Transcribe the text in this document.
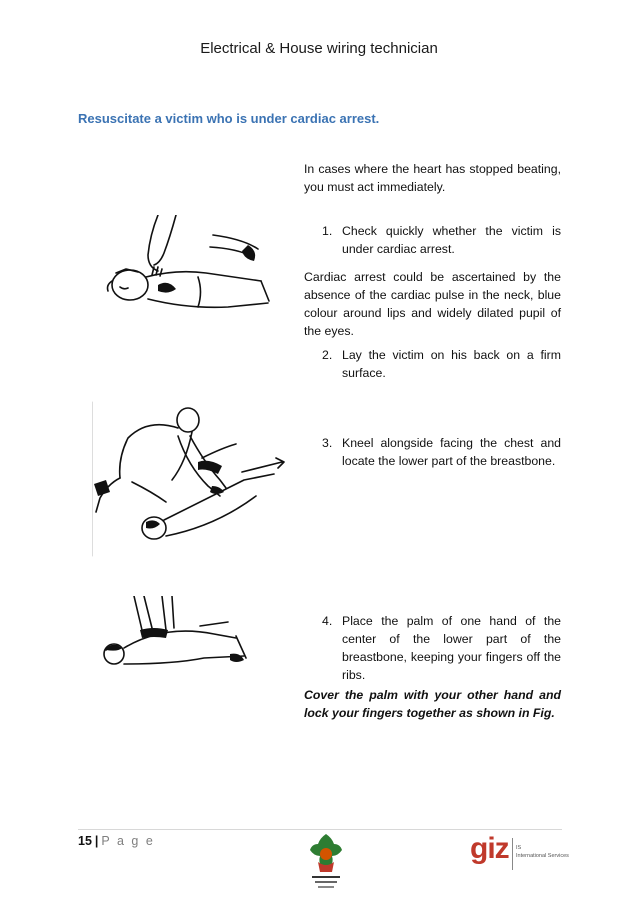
Electrical & House wiring technician
Resuscitate a victim who is under cardiac arrest.
In cases where the heart has stopped beating, you must act immediately.
1. Check quickly whether the victim is under cardiac arrest.
Cardiac arrest could be ascertained by the absence of the cardiac pulse in the neck, blue colour around lips and widely dilated pupil of the eyes.
2. Lay the victim on his back on a firm surface.
3. Kneel alongside facing the chest and locate the lower part of the breastbone.
4. Place the palm of one hand of the center of the lower part of the breastbone, keeping your fingers off the ribs.
Cover the palm with your other hand and lock your fingers together as shown in Fig.
15 | P a g e	giz IS
International Services
